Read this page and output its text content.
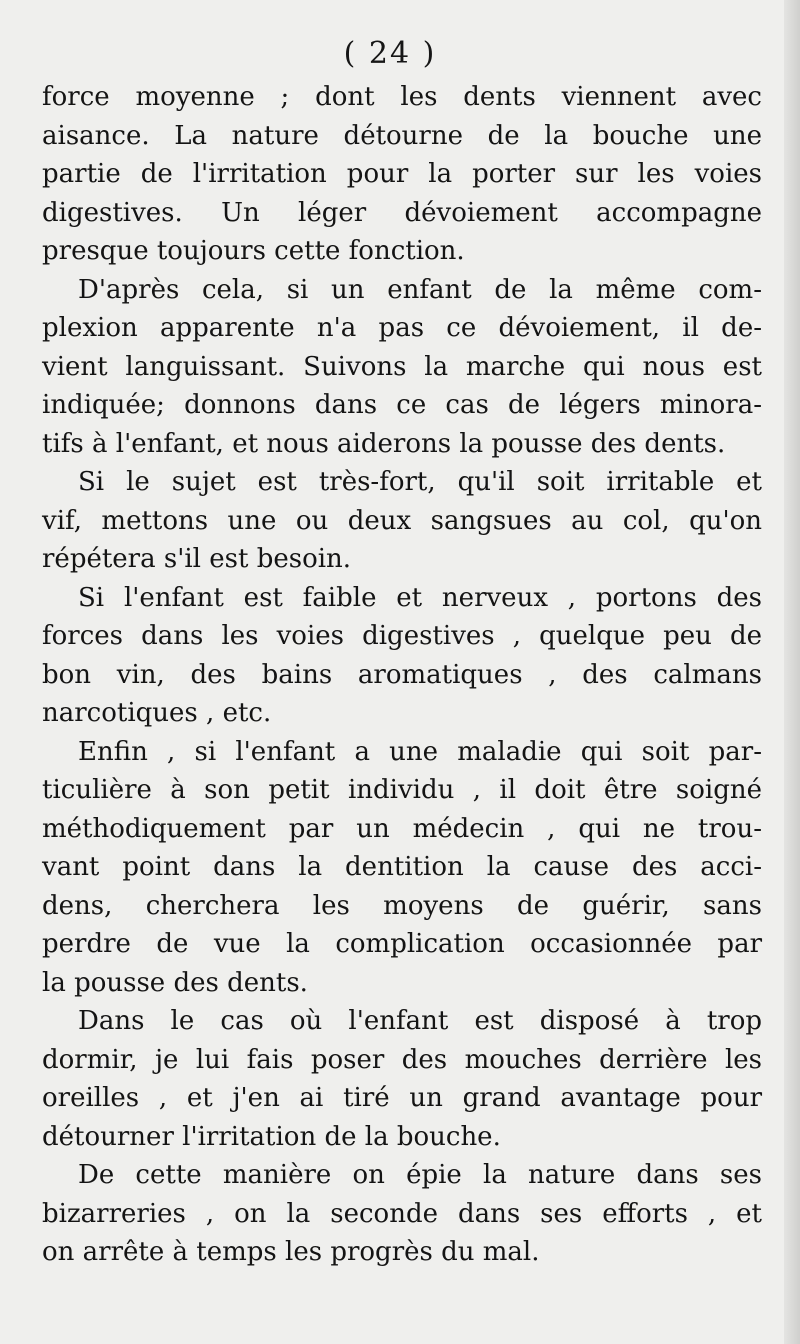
( 24 )

force moyenne ; dont les dents viennent avec
aisance. La nature détourne de la bouche une
partie de l'irritation pour la porter sur les voies
digestives. Un léger dévoiement accompagne
presque toujours cette fonction.

D'après cela, si un enfant de la même com-
plexion apparente n'a pas ce dévoiement, il de-
vient languissant. Suivons la marche qui nous est
indiquée; donnons dans ce cas de légers minora-
tifs à l'enfant, et nous aiderons la pousse des dents.

Si le sujet est très-fort, qu'il soit irritable et
vif, mettons une ou deux sangsues au col, qu'on
répétera s'il est besoin.

Si l'enfant est faible et nerveux , portons des
forces dans les voies digestives , quelque peu de
bon vin, des bains aromatiques , des calmans
narcotiques , etc.

Enfin , si l'enfant a une maladie qui soit par-
ticulière à son petit individu , il doit être soigné
méthodiquement par un médecin , qui ne trou-
vant point dans la dentition la cause des acci-
dens, cherchera les moyens de guérir, sans
perdre de vue la complication occasionnée par
la pousse des dents.

Dans le cas où l'enfant est disposé à trop
dormir, je lui fais poser des mouches derrière les
oreilles , et j'en ai tiré un grand avantage pour
détourner l'irritation de la bouche.

De cette manière on épie la nature dans ses
bizarreries , on la seconde dans ses efforts , et
on arrête à temps les progrès du mal.
